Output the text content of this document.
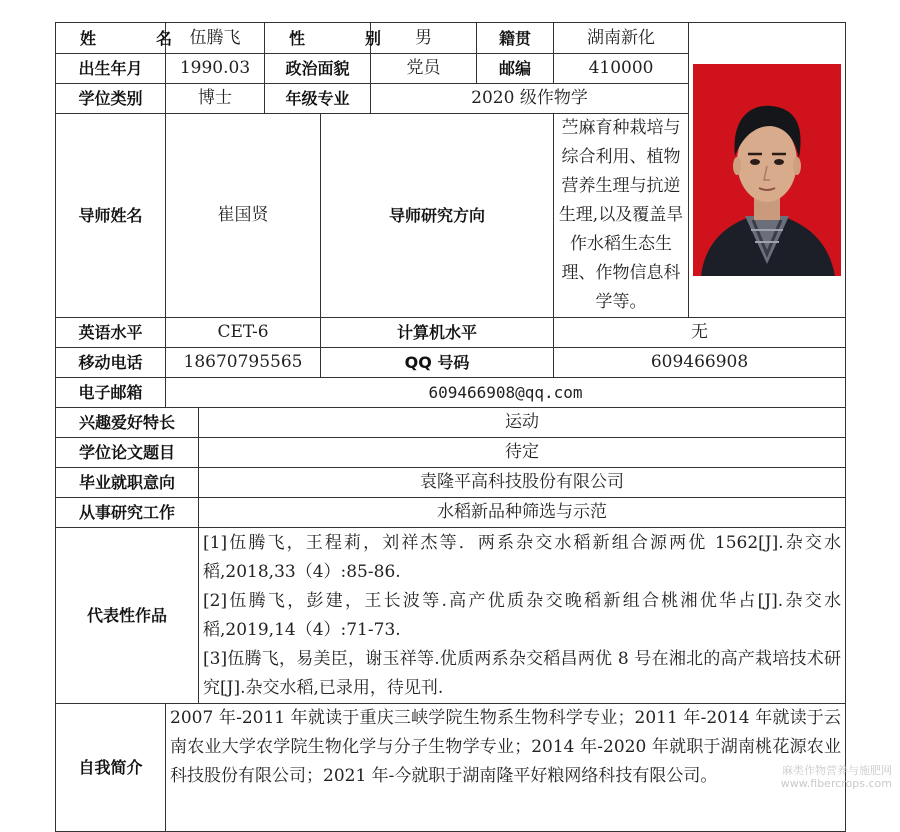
姓　名	伍腾飞		性　别		男	籍贯	湖南新化	

出生年月	1990.03		政治面貌		党员	邮编	410000	
学位类别	博士		年级专业		2020 级作物学			
导师姓名	崔国贤			导师研究方向			苎麻育种栽培与综合利用、植物营养生理与抗逆生理,以及覆盖旱作水稻生态生理、作物信息科学等。	
英语水平	CET-6			计算机水平			无	
移动电话	18670795565			QQ 号码			609466908	
电子邮箱	609466908@qq.com							
兴趣爱好特长		运动						
学位论文题目		待定						
毕业就职意向		袁隆平高科技股份有限公司						
从事研究工作		水稻新品种筛选与示范						
代表性作品		[1]伍腾飞，王程莉，刘祥杰等．两系杂交水稻新组合源两优 1562[J].杂交水稻,2018,33（4）:85-86.
[2]伍腾飞，彭建，王长波等.高产优质杂交晚稻新组合桃湘优华占[J].杂交水稻,2019,14（4）:71-73.
[3]伍腾飞，易美臣，谢玉祥等.优质两系杂交稻昌两优 8 号在湘北的高产栽培技术研究[J].杂交水稻,已录用，待见刊.						

自我简介	2007 年-2011 年就读于重庆三峡学院生物系生物科学专业；2011 年-2014 年就读于云南农业大学农学院生物化学与分子生物学专业；2014 年-2020 年就职于湖南桃花源农业科技股份有限公司；2021 年-今就职于湖南隆平好粮网络科技有限公司。								麻类作物营养与施肥网
www.fibercrops.com
